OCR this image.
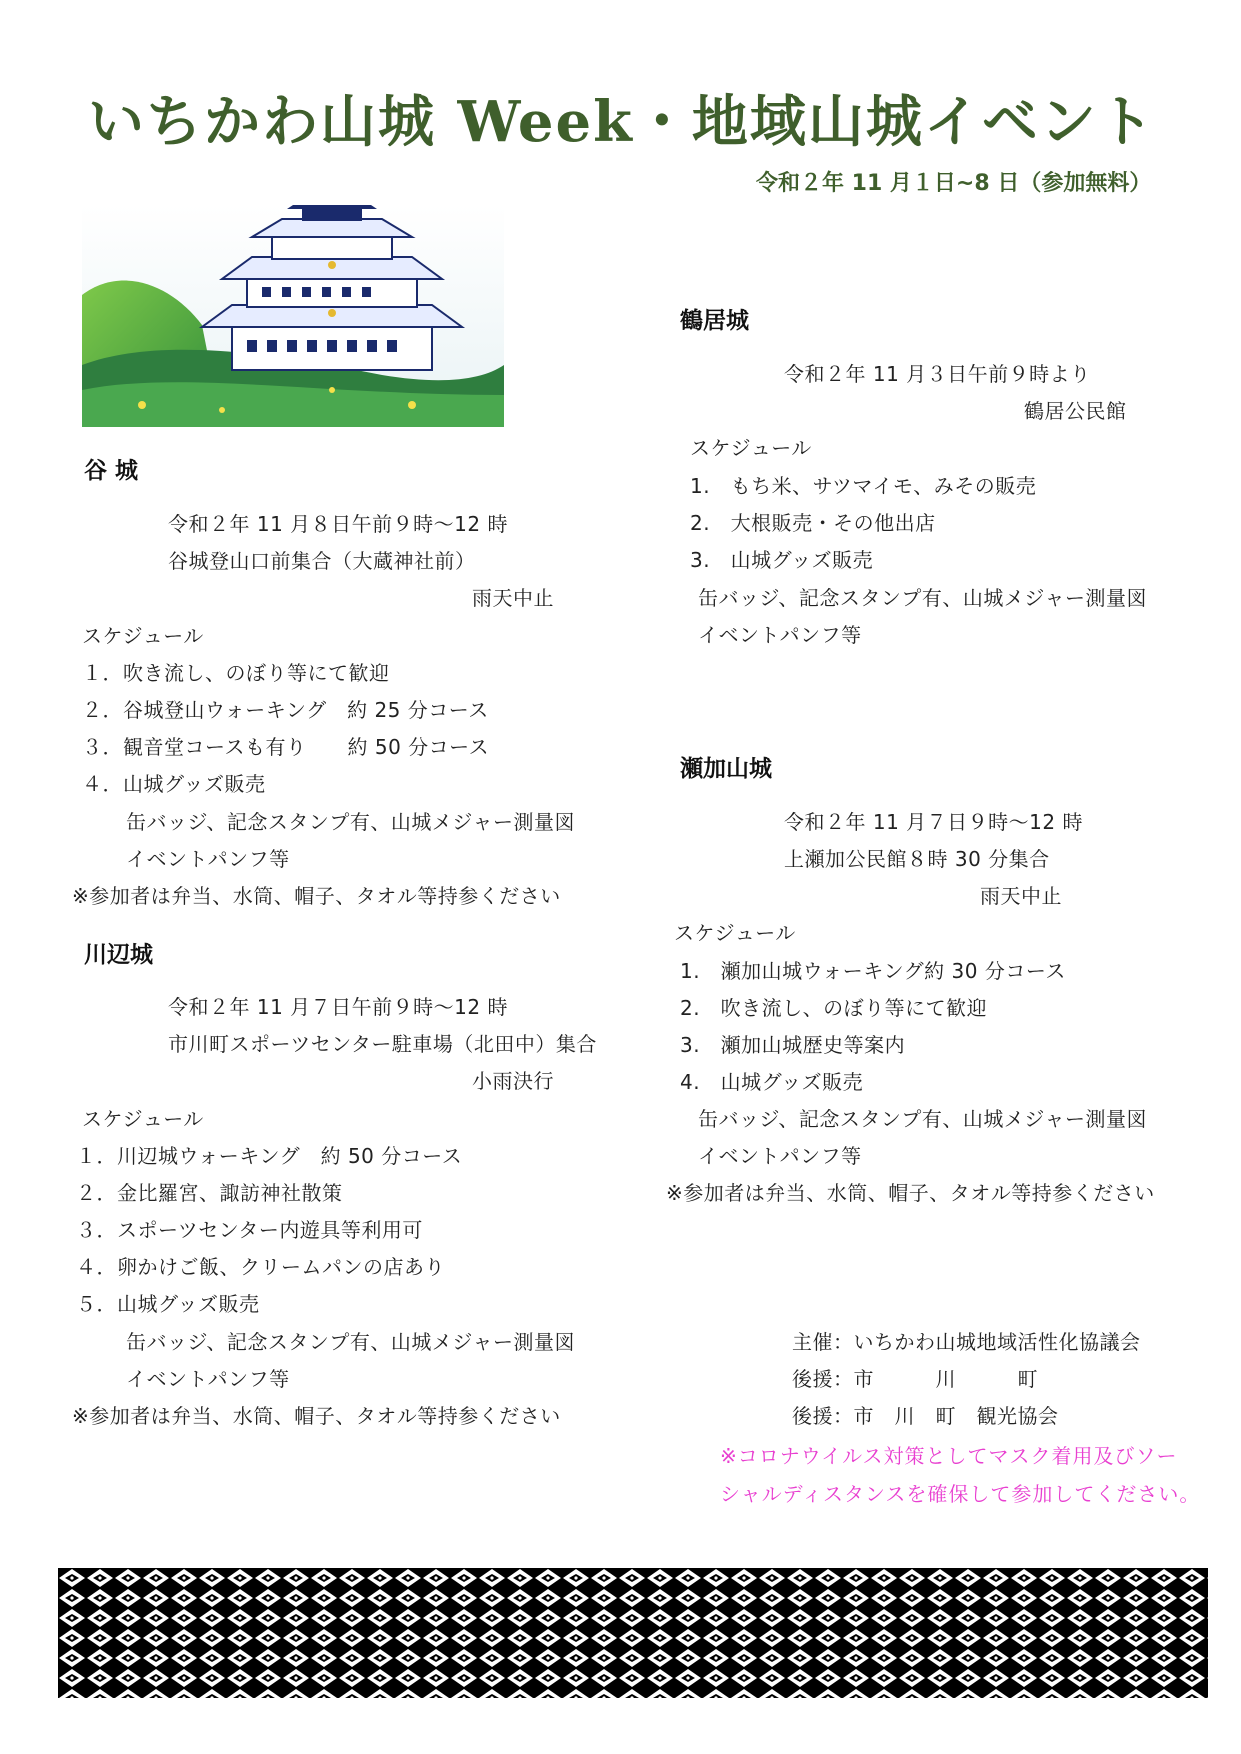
いちかわ山城 Week・地域山城イベント
令和２年 11 月１日~8 日（参加無料）
谷 城
令和２年 11 月８日午前９時～12 時
谷城登山口前集合（大蔵神社前）
雨天中止
スケジュール
１．吹き流し、のぼり等にて歓迎
２．谷城登山ウォーキング　約 25 分コース
３．観音堂コースも有り　　約 50 分コース
４．山城グッズ販売
缶バッジ、記念スタンプ有、山城メジャー測量図
イベントパンフ等
※参加者は弁当、水筒、帽子、タオル等持参ください
川辺城
令和２年 11 月７日午前９時～12 時
市川町スポーツセンター駐車場（北田中）集合
小雨決行
スケジュール
１．川辺城ウォーキング　約 50 分コース
２．金比羅宮、諏訪神社散策
３．スポーツセンター内遊具等利用可
４．卵かけご飯、クリームパンの店あり
５．山城グッズ販売
缶バッジ、記念スタンプ有、山城メジャー測量図
イベントパンフ等
※参加者は弁当、水筒、帽子、タオル等持参ください
鶴居城
令和２年 11 月３日午前９時より
鶴居公民館
スケジュール
1.　もち米、サツマイモ、みその販売
2.　大根販売・その他出店
3.　山城グッズ販売
缶バッジ、記念スタンプ有、山城メジャー測量図
イベントパンフ等
瀬加山城
令和２年 11 月７日９時～12 時
上瀬加公民館８時 30 分集合
雨天中止
スケジュール
1.　瀬加山城ウォーキング約 30 分コース
2.　吹き流し、のぼり等にて歓迎
3.　瀬加山城歴史等案内
4.　山城グッズ販売
缶バッジ、記念スタンプ有、山城メジャー測量図
イベントパンフ等
※参加者は弁当、水筒、帽子、タオル等持参ください
主催：いちかわ山城地域活性化協議会
後援：市　　　川　　　町
後援：市　川　町　観光協会
※コロナウイルス対策としてマスク着用及びソー
シャルディスタンスを確保して参加してください。
